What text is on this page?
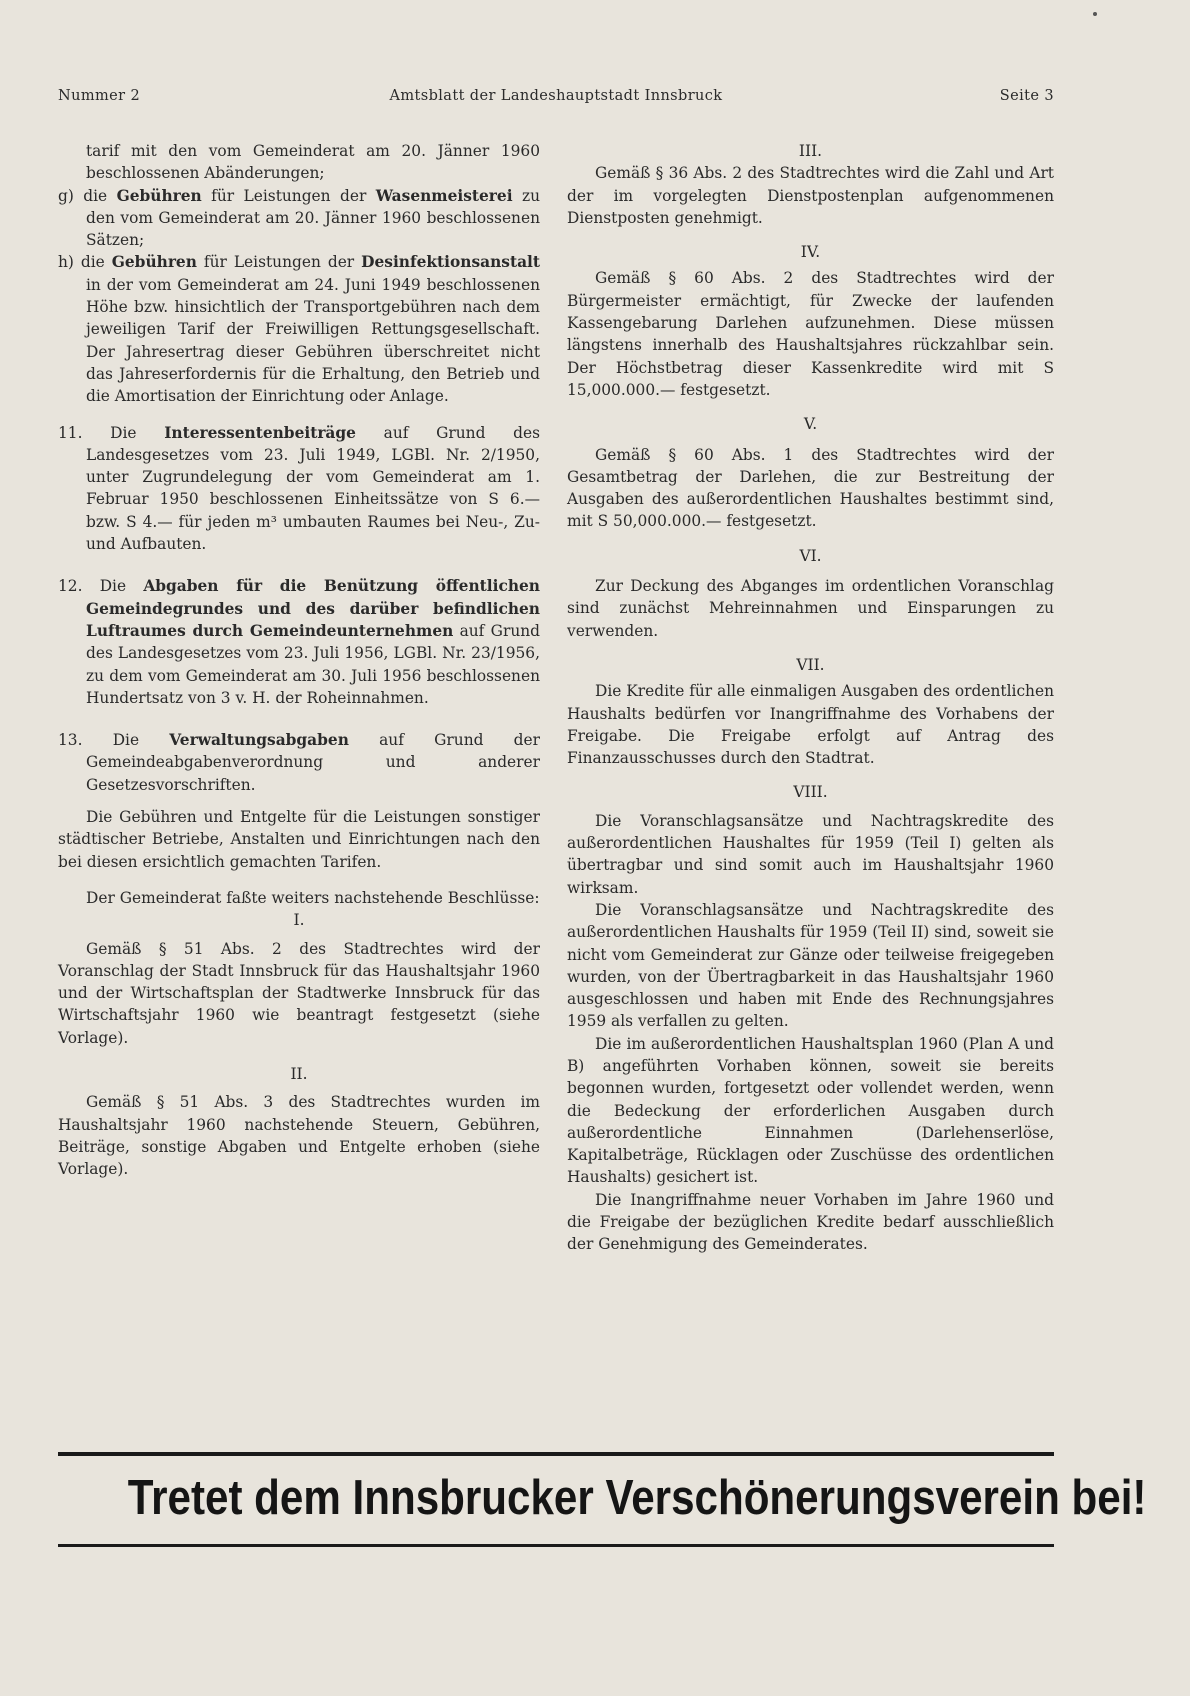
Nummer 2	Amtsblatt der Landeshauptstadt Innsbruck	Seite 3

tarif mit den vom Gemeinderat am 20. Jänner 1960 beschlossenen Abänderungen;

g) die Gebühren für Leistungen der Wasenmeisterei zu den vom Gemeinderat am 20. Jänner 1960 beschlossenen Sätzen;

h) die Gebühren für Leistungen der Desinfektionsanstalt in der vom Gemeinderat am 24. Juni 1949 beschlossenen Höhe bzw. hinsichtlich der Transportgebühren nach dem jeweiligen Tarif der Freiwilligen Rettungsgesellschaft. Der Jahresertrag dieser Gebühren überschreitet nicht das Jahreserfordernis für die Erhaltung, den Betrieb und die Amortisation der Einrichtung oder Anlage.

11. Die Interessentenbeiträge auf Grund des Landesgesetzes vom 23. Juli 1949, LGBl. Nr. 2/1950, unter Zugrundelegung der vom Gemeinderat am 1. Februar 1950 beschlossenen Einheitssätze von S 6.— bzw. S 4.— für jeden m³ umbauten Raumes bei Neu-, Zu- und Aufbauten.

12. Die Abgaben für die Benützung öffentlichen Gemeindegrundes und des darüber befindlichen Luftraumes durch Gemeindeunternehmen auf Grund des Landesgesetzes vom 23. Juli 1956, LGBl. Nr. 23/1956, zu dem vom Gemeinderat am 30. Juli 1956 beschlossenen Hundertsatz von 3 v. H. der Roheinnahmen.

13. Die Verwaltungsabgaben auf Grund der Gemeindeabgabenverordnung und anderer Gesetzesvorschriften.

Die Gebühren und Entgelte für die Leistungen sonstiger städtischer Betriebe, Anstalten und Einrichtungen nach den bei diesen ersichtlich gemachten Tarifen.

Der Gemeinderat faßte weiters nachstehende Beschlüsse:

I.

Gemäß § 51 Abs. 2 des Stadtrechtes wird der Voranschlag der Stadt Innsbruck für das Haushaltsjahr 1960 und der Wirtschaftsplan der Stadtwerke Innsbruck für das Wirtschaftsjahr 1960 wie beantragt festgesetzt (siehe Vorlage).

II.

Gemäß § 51 Abs. 3 des Stadtrechtes wurden im Haushaltsjahr 1960 nachstehende Steuern, Gebühren, Beiträge, sonstige Abgaben und Entgelte erhoben (siehe Vorlage).

III.

Gemäß § 36 Abs. 2 des Stadtrechtes wird die Zahl und Art der im vorgelegten Dienstpostenplan aufgenommenen Dienstposten genehmigt.

IV.

Gemäß § 60 Abs. 2 des Stadtrechtes wird der Bürgermeister ermächtigt, für Zwecke der laufenden Kassengebarung Darlehen aufzunehmen. Diese müssen längstens innerhalb des Haushaltsjahres rückzahlbar sein. Der Höchstbetrag dieser Kassenkredite wird mit S 15,000.000.— festgesetzt.

V.

Gemäß § 60 Abs. 1 des Stadtrechtes wird der Gesamtbetrag der Darlehen, die zur Bestreitung der Ausgaben des außerordentlichen Haushaltes bestimmt sind, mit S 50,000.000.— festgesetzt.

VI.

Zur Deckung des Abganges im ordentlichen Voranschlag sind zunächst Mehreinnahmen und Einsparungen zu verwenden.

VII.

Die Kredite für alle einmaligen Ausgaben des ordentlichen Haushalts bedürfen vor Inangriffnahme des Vorhabens der Freigabe. Die Freigabe erfolgt auf Antrag des Finanzausschusses durch den Stadtrat.

VIII.

Die Voranschlagsansätze und Nachtragskredite des außerordentlichen Haushaltes für 1959 (Teil I) gelten als übertragbar und sind somit auch im Haushaltsjahr 1960 wirksam.

Die Voranschlagsansätze und Nachtragskredite des außerordentlichen Haushalts für 1959 (Teil II) sind, soweit sie nicht vom Gemeinderat zur Gänze oder teilweise freigegeben wurden, von der Übertragbarkeit in das Haushaltsjahr 1960 ausgeschlossen und haben mit Ende des Rechnungsjahres 1959 als verfallen zu gelten.

Die im außerordentlichen Haushaltsplan 1960 (Plan A und B) angeführten Vorhaben können, soweit sie bereits begonnen wurden, fortgesetzt oder vollendet werden, wenn die Bedeckung der erforderlichen Ausgaben durch außerordentliche Einnahmen (Darlehenserlöse, Kapitalbeträge, Rücklagen oder Zuschüsse des ordentlichen Haushalts) gesichert ist.

Die Inangriffnahme neuer Vorhaben im Jahre 1960 und die Freigabe der bezüglichen Kredite bedarf ausschließlich der Genehmigung des Gemeinderates.

Tretet dem Innsbrucker Verschönerungsverein bei!
